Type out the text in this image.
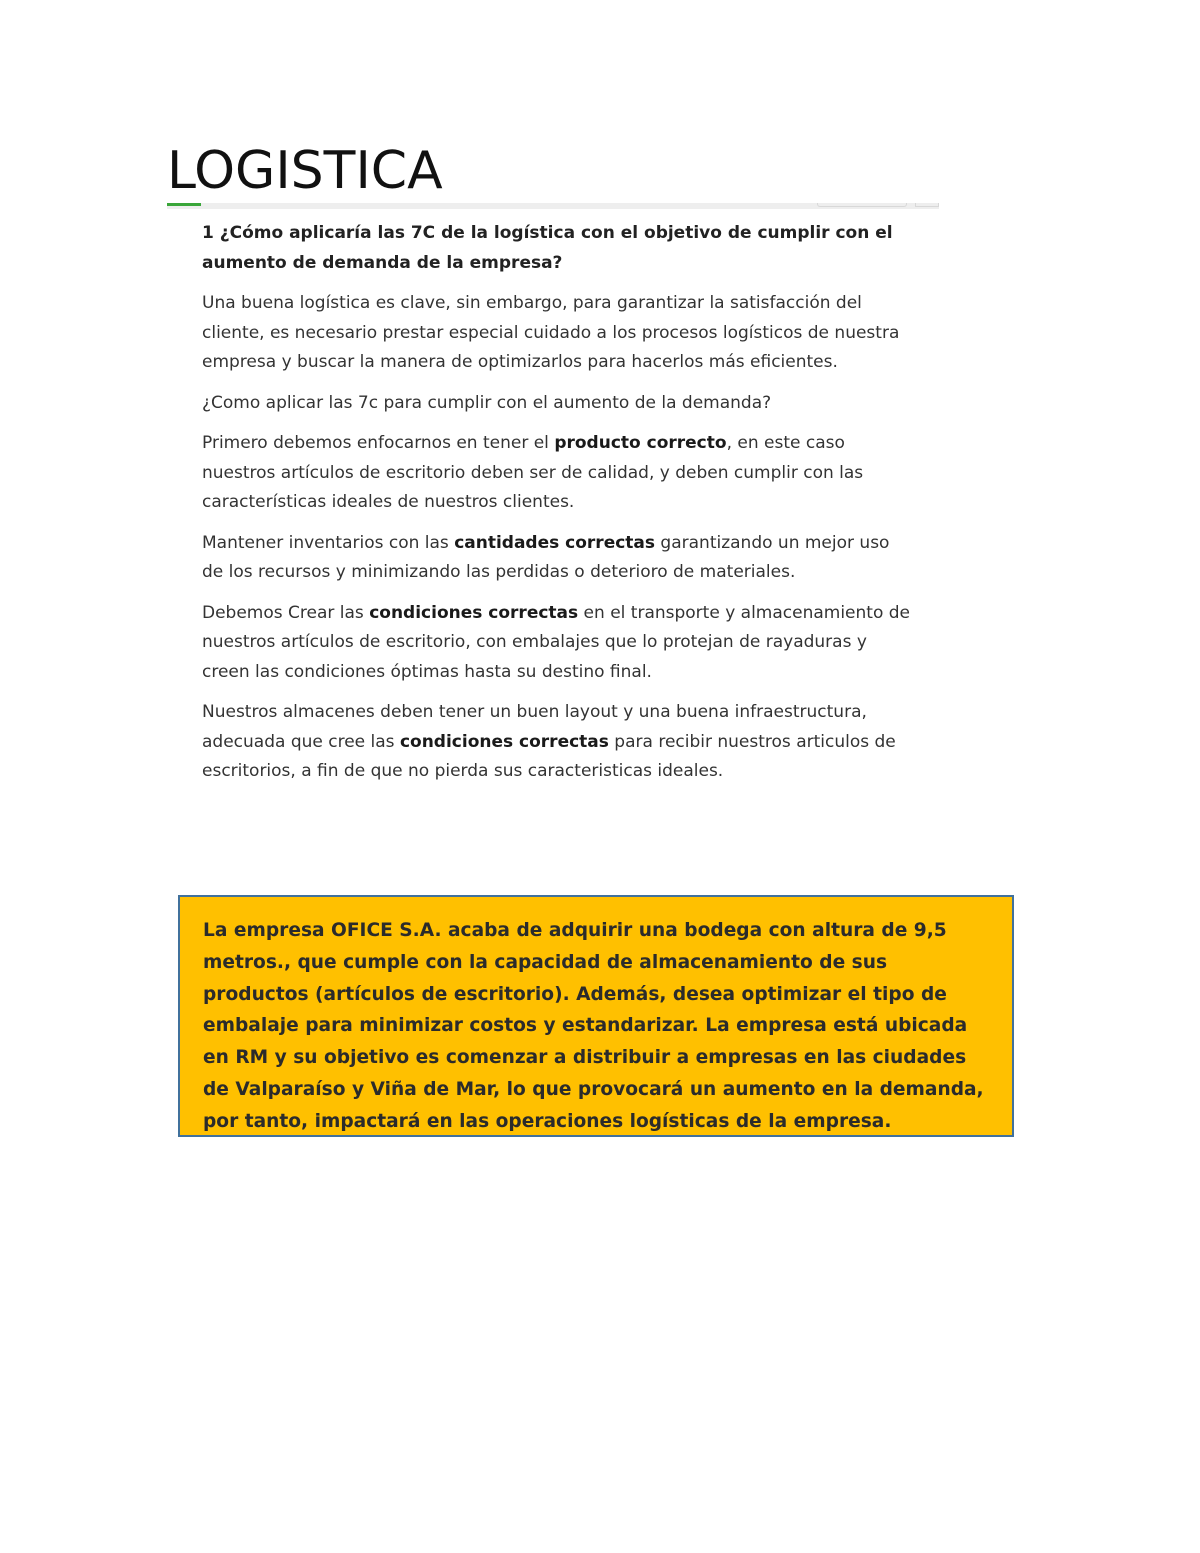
LOGISTICA

1 ¿Cómo aplicaría las 7C de la logística con el objetivo de cumplir con el aumento de demanda de la empresa?

Una buena logística es clave, sin embargo, para garantizar la satisfacción del cliente, es necesario prestar especial cuidado a los procesos logísticos de nuestra empresa y buscar la manera de optimizarlos para hacerlos más eficientes.

¿Como aplicar las 7c para cumplir con el aumento de la demanda?

Primero debemos enfocarnos en tener el producto correcto, en este caso nuestros artículos de escritorio deben ser de calidad, y deben cumplir con las características ideales de nuestros clientes.

Mantener inventarios con las cantidades correctas garantizando un mejor uso de los recursos y minimizando las perdidas o deterioro de materiales.

Debemos Crear las condiciones correctas en el transporte y almacenamiento de nuestros artículos de escritorio, con embalajes que lo protejan de rayaduras y creen las condiciones óptimas hasta su destino final.

Nuestros almacenes deben tener un buen layout y una buena infraestructura, adecuada que cree las condiciones correctas para recibir nuestros articulos de escritorios, a fin de que no pierda sus caracteristicas ideales.

La empresa OFICE S.A. acaba de adquirir una bodega con altura de 9,5 metros., que cumple con la capacidad de almacenamiento de sus productos (artículos de escritorio). Además, desea optimizar el tipo de embalaje para minimizar costos y estandarizar. La empresa está ubicada en RM y su objetivo es comenzar a distribuir a empresas en las ciudades de Valparaíso y Viña de Mar, lo que provocará un aumento en la demanda, por tanto, impactará en las operaciones logísticas de la empresa.
